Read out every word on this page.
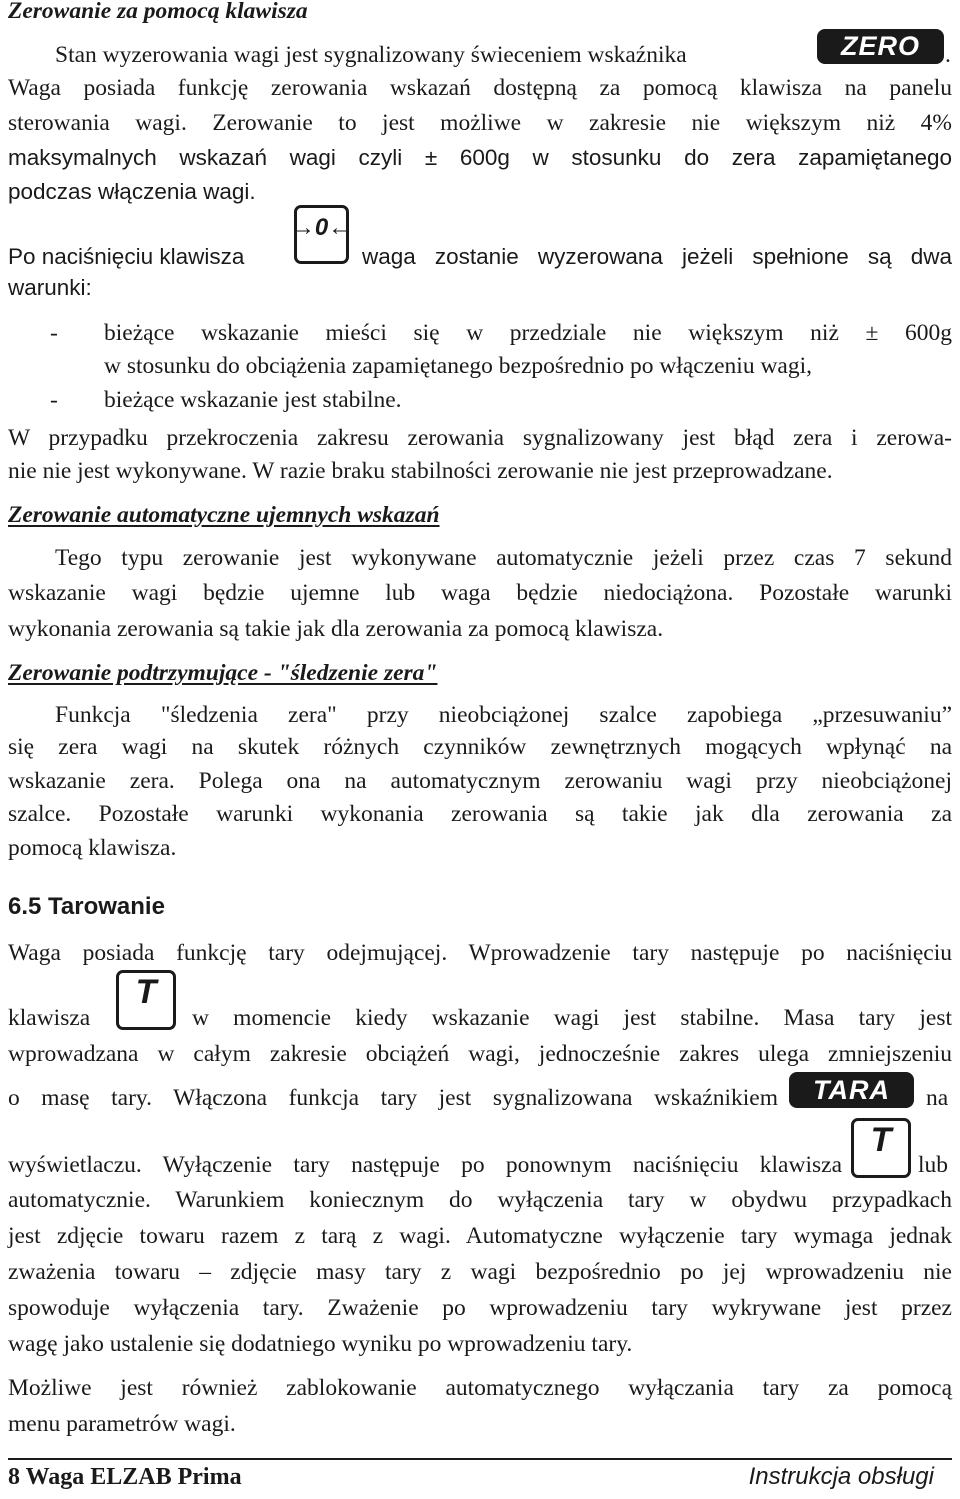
Zerowanie za pomocą klawisza
Stan wyzerowania wagi jest sygnalizowany świeceniem wskaźnika	ZERO	.
Waga posiada funkcję zerowania wskazań dostępną za pomocą klawisza na panelu
sterowania wagi. Zerowanie to jest możliwe w zakresie nie większym niż 4%
maksymalnych wskazań wagi czyli ± 600g w stosunku do zera zapamiętanego
podczas włączenia wagi.
Po naciśnięciu klawisza
→0←
waga zostanie wyzerowana jeżeli spełnione są dwa
warunki:
- bieżące wskazanie mieści się w przedziale nie większym niż ± 600g
w stosunku do obciążenia zapamiętanego bezpośrednio po włączeniu wagi,
- bieżące wskazanie jest stabilne.
W przypadku przekroczenia zakresu zerowania sygnalizowany jest błąd zera i zerowa-
nie nie jest wykonywane. W razie braku stabilności zerowanie nie jest przeprowadzane.
Zerowanie automatyczne ujemnych wskazań
Tego typu zerowanie jest wykonywane automatycznie jeżeli przez czas 7 sekund
wskazanie wagi będzie ujemne lub waga będzie niedociążona. Pozostałe warunki
wykonania zerowania są takie jak dla zerowania za pomocą klawisza.
Zerowanie podtrzymujące - "śledzenie zera"
Funkcja "śledzenia zera" przy nieobciążonej szalce zapobiega „przesuwaniu”
się zera wagi na skutek różnych czynników zewnętrznych mogących wpłynąć na
wskazanie zera. Polega ona na automatycznym zerowaniu wagi przy nieobciążonej
szalce. Pozostałe warunki wykonania zerowania są takie jak dla zerowania za
pomocą klawisza.
6.5 Tarowanie
Waga posiada funkcję tary odejmującej. Wprowadzenie tary następuje po naciśnięciu
klawisza
T
w momencie kiedy wskazanie wagi jest stabilne. Masa tary jest
wprowadzana w całym zakresie obciążeń wagi, jednocześnie zakres ulega zmniejszeniu
o masę tary. Włączona funkcja tary jest sygnalizowana wskaźnikiem	TARA	na
wyświetlaczu. Wyłączenie tary następuje po ponownym naciśnięciu klawisza
T
lub
automatycznie. Warunkiem koniecznym do wyłączenia tary w obydwu przypadkach
jest zdjęcie towaru razem z tarą z wagi. Automatyczne wyłączenie tary wymaga jednak
zważenia towaru – zdjęcie masy tary z wagi bezpośrednio po jej wprowadzeniu nie
spowoduje wyłączenia tary. Zważenie po wprowadzeniu tary wykrywane jest przez
wagę jako ustalenie się dodatniego wyniku po wprowadzeniu tary.
Możliwe jest również zablokowanie automatycznego wyłączania tary za pomocą
menu parametrów wagi.
8 Waga ELZAB Prima	Instrukcja obsługi
